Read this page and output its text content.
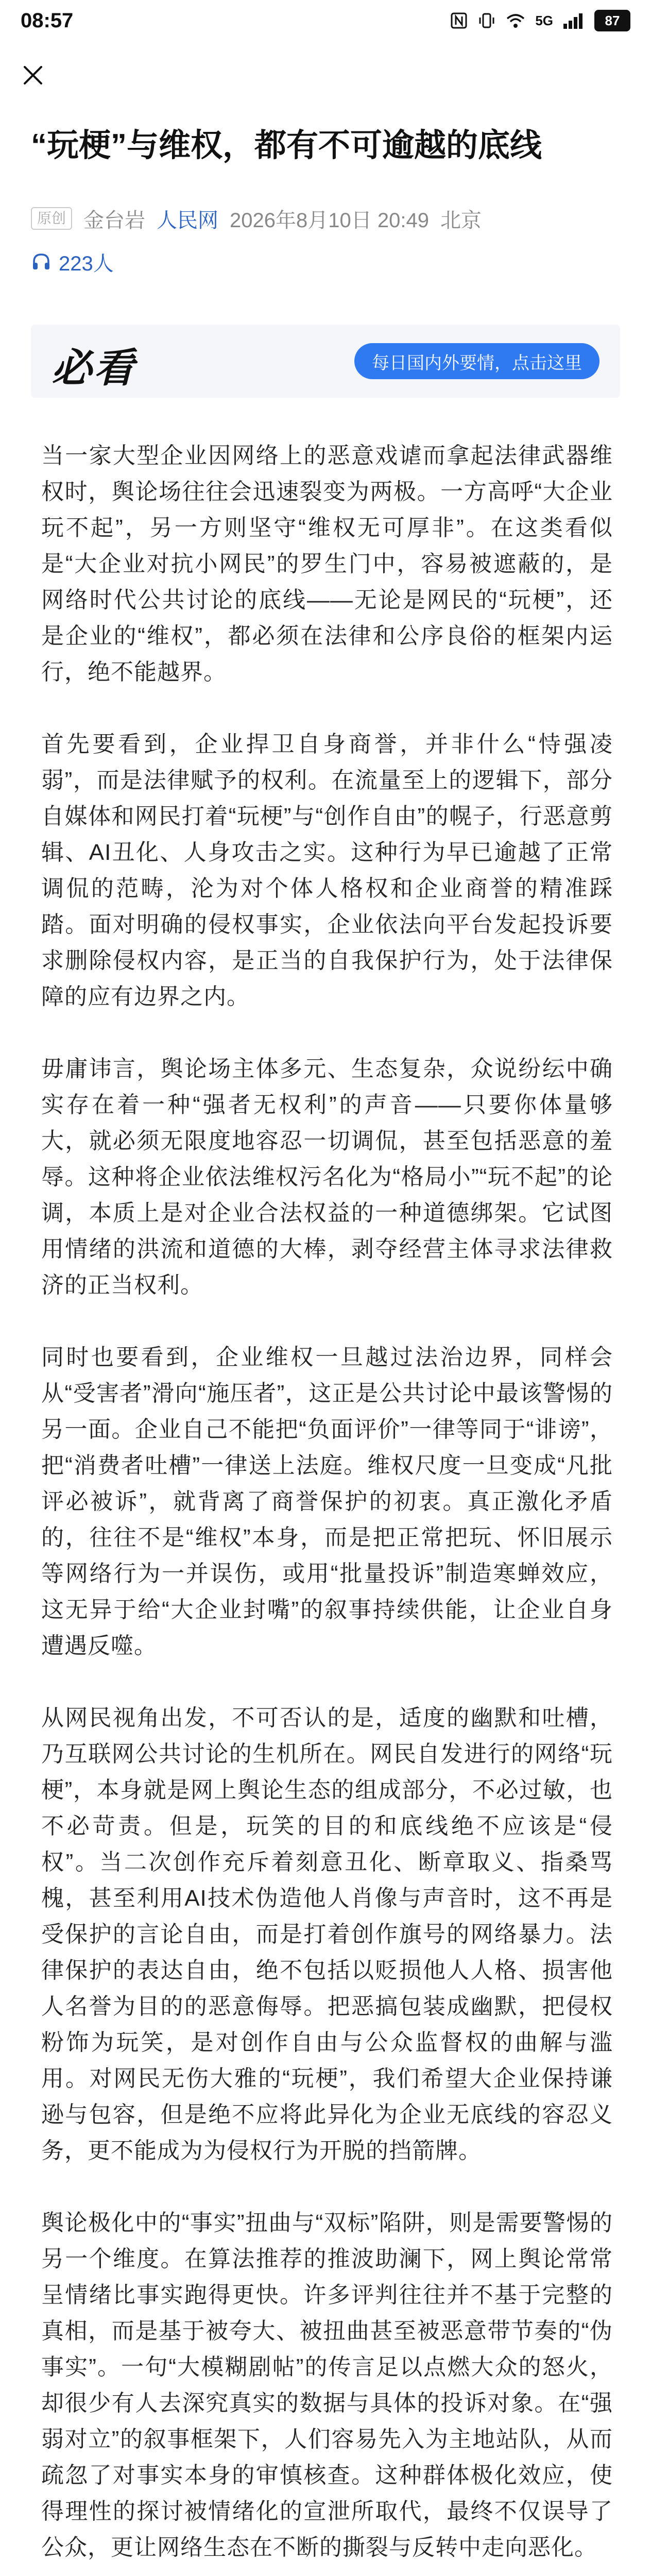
08:57	5G	87
“玩梗”与维权，都有不可逾越的底线
原创 金台岩 人民网 2026年8月10日 20:49 北京
223人
必看	每日国内外要情，点击这里

当一家大型企业因网络上的恶意戏谑而拿起法律武器维权时，舆论场往往会迅速裂变为两极。一方高呼“大企业玩不起”，另一方则坚守“维权无可厚非”。在这类看似是“大企业对抗小网民”的罗生门中，容易被遮蔽的，是网络时代公共讨论的底线——无论是网民的“玩梗”，还是企业的“维权”，都必须在法律和公序良俗的框架内运行，绝不能越界。

首先要看到，企业捍卫自身商誉，并非什么“恃强凌弱”，而是法律赋予的权利。在流量至上的逻辑下，部分自媒体和网民打着“玩梗”与“创作自由”的幌子，行恶意剪辑、AI丑化、人身攻击之实。这种行为早已逾越了正常调侃的范畴，沦为对个体人格权和企业商誉的精准踩踏。面对明确的侵权事实，企业依法向平台发起投诉要求删除侵权内容，是正当的自我保护行为，处于法律保障的应有边界之内。

毋庸讳言，舆论场主体多元、生态复杂，众说纷纭中确实存在着一种“强者无权利”的声音——只要你体量够大，就必须无限度地容忍一切调侃，甚至包括恶意的羞辱。这种将企业依法维权污名化为“格局小”“玩不起”的论调，本质上是对企业合法权益的一种道德绑架。它试图用情绪的洪流和道德的大棒，剥夺经营主体寻求法律救济的正当权利。

同时也要看到，企业维权一旦越过法治边界，同样会从“受害者”滑向“施压者”，这正是公共讨论中最该警惕的另一面。企业自己不能把“负面评价”一律等同于“诽谤”，把“消费者吐槽”一律送上法庭。维权尺度一旦变成“凡批评必被诉”，就背离了商誉保护的初衷。真正激化矛盾的，往往不是“维权”本身，而是把正常把玩、怀旧展示等网络行为一并误伤，或用“批量投诉”制造寒蝉效应，这无异于给“大企业封嘴”的叙事持续供能，让企业自身遭遇反噬。

从网民视角出发，不可否认的是，适度的幽默和吐槽，乃互联网公共讨论的生机所在。网民自发进行的网络“玩梗”，本身就是网上舆论生态的组成部分，不必过敏，也不必苛责。但是，玩笑的目的和底线绝不应该是“侵权”。当二次创作充斥着刻意丑化、断章取义、指桑骂槐，甚至利用AI技术伪造他人肖像与声音时，这不再是受保护的言论自由，而是打着创作旗号的网络暴力。法律保护的表达自由，绝不包括以贬损他人人格、损害他人名誉为目的的恶意侮辱。把恶搞包装成幽默，把侵权粉饰为玩笑，是对创作自由与公众监督权的曲解与滥用。对网民无伤大雅的“玩梗”，我们希望大企业保持谦逊与包容，但是绝不应将此异化为企业无底线的容忍义务，更不能成为为侵权行为开脱的挡箭牌。

舆论极化中的“事实”扭曲与“双标”陷阱，则是需要警惕的另一个维度。在算法推荐的推波助澜下，网上舆论常常呈情绪比事实跑得更快。许多评判往往并不基于完整的真相，而是基于被夸大、被扭曲甚至被恶意带节奏的“伪事实”。一句“大模糊剧帖”的传言足以点燃大众的怒火，却很少有人去深究真实的数据与具体的投诉对象。在“强弱对立”的叙事框架下，人们容易先入为主地站队，从而疏忽了对事实本身的审慎核查。这种群体极化效应，使得理性的探讨被情绪化的宣泄所取代，最终不仅误导了公众，更让网络生态在不断的撕裂与反转中走向恶化。
